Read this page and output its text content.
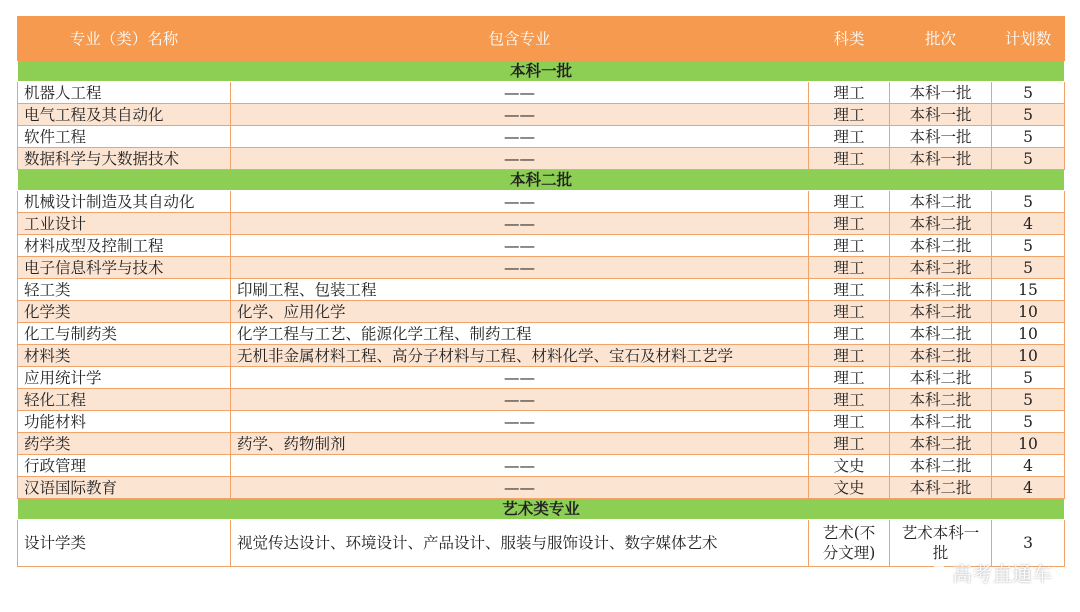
专业（类）名称	包含专业	科类	批次	计划数
本科一批				
机器人工程	——	理工	本科一批	5
电气工程及其自动化	——	理工	本科一批	5
软件工程	——	理工	本科一批	5
数据科学与大数据技术	——	理工	本科一批	5
本科二批				
机械设计制造及其自动化	——	理工	本科二批	5
工业设计	——	理工	本科二批	4
材料成型及控制工程	——	理工	本科二批	5
电子信息科学与技术	——	理工	本科二批	5
轻工类	印刷工程、包装工程	理工	本科二批	15
化学类	化学、应用化学	理工	本科二批	10
化工与制药类	化学工程与工艺、能源化学工程、制药工程	理工	本科二批	10
材料类	无机非金属材料工程、高分子材料与工程、材料化学、宝石及材料工艺学	理工	本科二批	10
应用统计学	——	理工	本科二批	5
轻化工程	——	理工	本科二批	5
功能材料	——	理工	本科二批	5
药学类	药学、药物制剂	理工	本科二批	10
行政管理	——	文史	本科二批	4
汉语国际教育	——	文史	本科二批	4
艺术类专业				
设计学类	视觉传达设计、环境设计、产品设计、服装与服饰设计、数字媒体艺术	艺术(不分文理)	艺术本科一批	3
高考直通车
